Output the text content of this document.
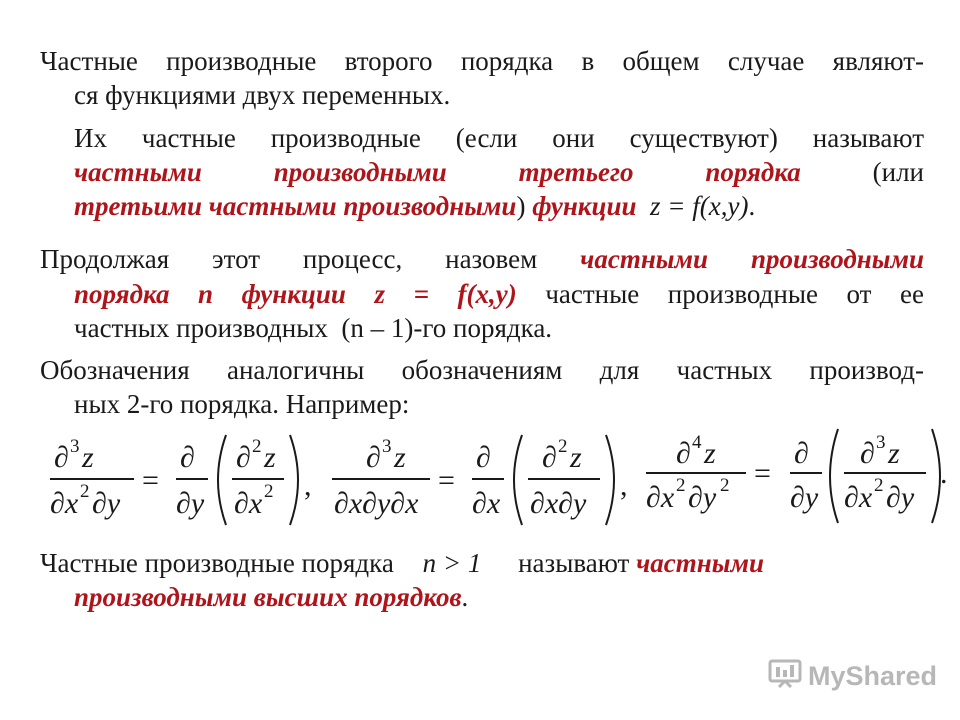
Частные производные второго порядка в общем случае являют-
ся функциями двух переменных.
Их частные производные (если они существуют) называют
частными производными третьего порядка	(или
третьими частными производными) функции z = f(x,y).
Продолжая этот процесс, назовем частными производными
порядка n функции z = f(x,y) частные производные от ее
частных производных (n – 1)-го порядка.
Обозначения аналогичны обозначениям для частных производ-
ных 2-го порядка. Например:
∂ 3 z
∂x 2 ∂y
=
∂
∂y
∂ 2 z
∂x 2 ,
∂ 3 z
∂x∂y∂x
=
∂
∂x
∂ 2 z
∂x∂y
,
∂ 4 z
∂x 2 ∂y 2 =
∂
∂y
∂ 3 z
∂x 2 ∂y
.
Частные производные порядка n > 1 называют частными
производными высших порядков.
MyShared
